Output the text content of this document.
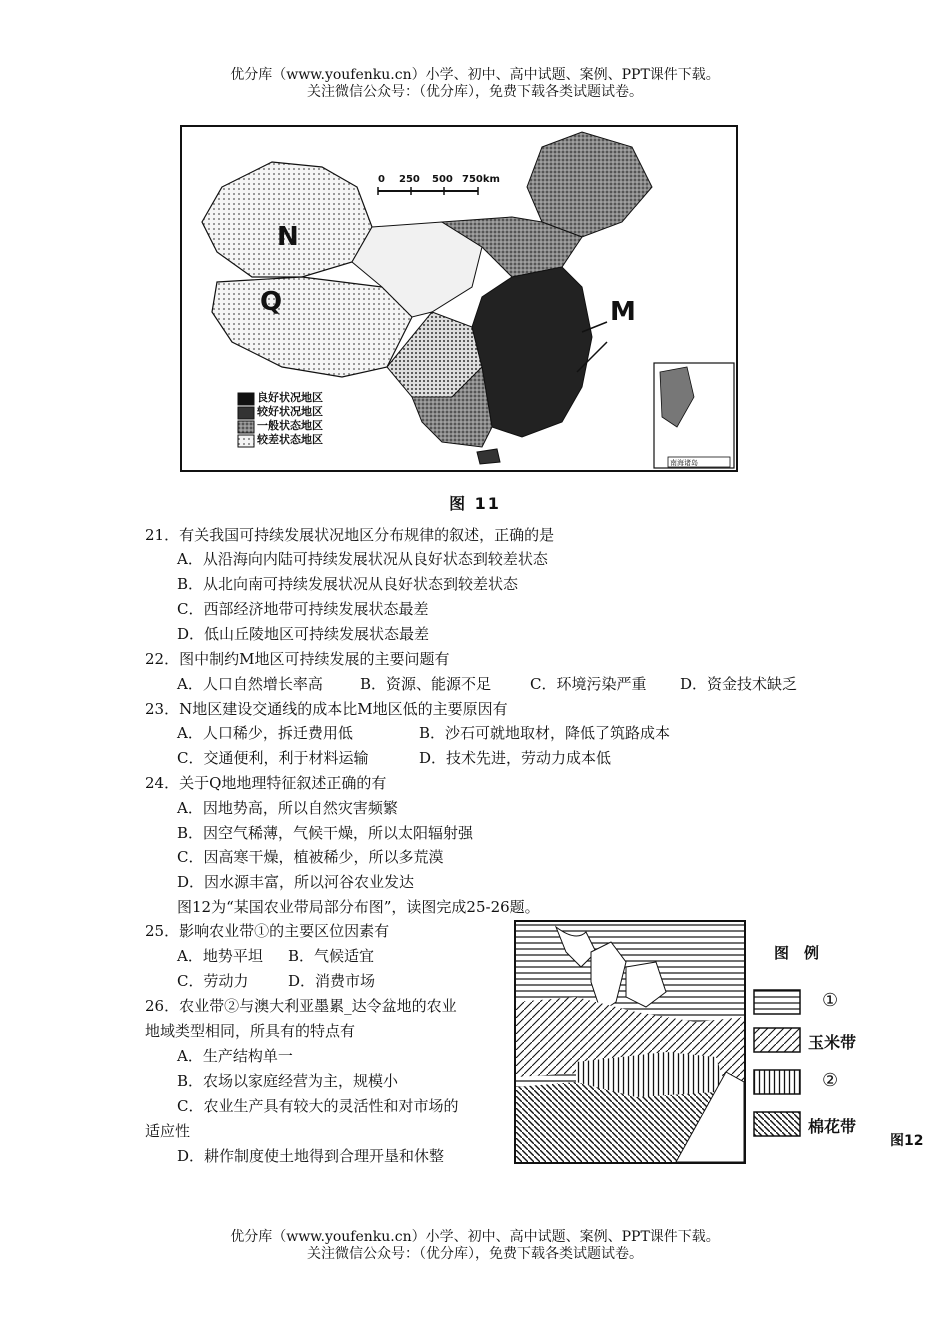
优分库（www.youfenku.cn）小学、初中、高中试题、案例、PPT课件下载。
关注微信公众号：（优分库），免费下载各类试题试卷。
0 250 500 750km
N
Q	M
良好状况地区
较好状况地区
一般状态地区
较差状态地区
南海诸岛
图 11
21．有关我国可持续发展状况地区分布规律的叙述，正确的是
A．从沿海向内陆可持续发展状况从良好状态到较差状态
B．从北向南可持续发展状况从良好状态到较差状态
C．西部经济地带可持续发展状态最差
D．低山丘陵地区可持续发展状态最差
22．图中制约M地区可持续发展的主要问题有
A．人口自然增长率高 B．资源、能源不足	C．环境污染严重 D．资金技术缺乏
23．N地区建设交通线的成本比M地区低的主要原因有
A．人口稀少，拆迁费用低	B．沙石可就地取材，降低了筑路成本
C．交通便利，利于材料运输	D．技术先进，劳动力成本低
24．关于Q地地理特征叙述正确的有
A．因地势高，所以自然灾害频繁
B．因空气稀薄，气候干燥，所以太阳辐射强
C．因高寒干燥，植被稀少，所以多荒漠
D．因水源丰富，所以河谷农业发达
图12为“某国农业带局部分布图”，读图完成25-26题。
25．影响农业带①的主要区位因素有
A．地势平坦 B．气候适宜
C．劳动力	D．消费市场
26．农业带②与澳大利亚墨累_达令盆地的农业
地域类型相同，所具有的特点有
A．生产结构单一
B．农场以家庭经营为主，规模小
C．农业生产具有较大的灵活性和对市场的
适应性
D．耕作制度使土地得到合理开垦和休整
图　例
①
玉米带
②
棉花带
图12
优分库（www.youfenku.cn）小学、初中、高中试题、案例、PPT课件下载。
关注微信公众号：（优分库），免费下载各类试题试卷。
